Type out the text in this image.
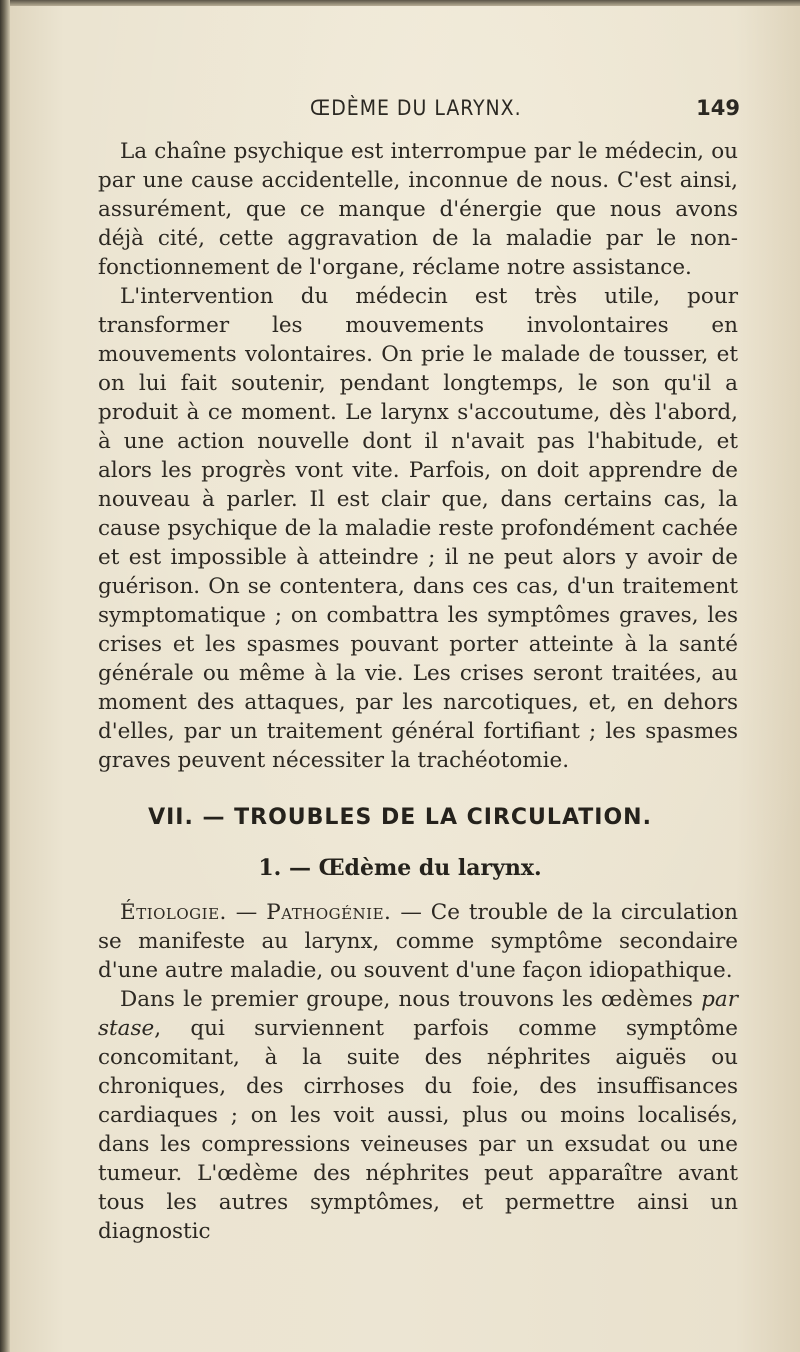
ŒDÈME DU LARYNX.	149

La chaîne psychique est interrompue par le médecin, ou par une cause accidentelle, inconnue de nous. C'est ainsi, assurément, que ce manque d'énergie que nous avons déjà cité, cette aggravation de la maladie par le non-fonctionnement de l'organe, réclame notre assistance.

L'intervention du médecin est très utile, pour transformer les mouvements involontaires en mouvements volontaires. On prie le malade de tousser, et on lui fait soutenir, pendant longtemps, le son qu'il a produit à ce moment. Le larynx s'accoutume, dès l'abord, à une action nouvelle dont il n'avait pas l'habitude, et alors les progrès vont vite. Parfois, on doit apprendre de nouveau à parler. Il est clair que, dans certains cas, la cause psychique de la maladie reste profondément cachée et est impossible à atteindre ; il ne peut alors y avoir de guérison. On se contentera, dans ces cas, d'un traitement symptomatique ; on combattra les symptômes graves, les crises et les spasmes pouvant porter atteinte à la santé générale ou même à la vie. Les crises seront traitées, au moment des attaques, par les narcotiques, et, en dehors d'elles, par un traitement général fortifiant ; les spasmes graves peuvent nécessiter la trachéotomie.

VII. — TROUBLES DE LA CIRCULATION.
1. — Œdème du larynx.

Étiologie. — Pathogénie. — Ce trouble de la circulation se manifeste au larynx, comme symptôme secondaire d'une autre maladie, ou souvent d'une façon idiopathique.

Dans le premier groupe, nous trouvons les œdèmes par stase, qui surviennent parfois comme symptôme concomitant, à la suite des néphrites aiguës ou chroniques, des cirrhoses du foie, des insuffisances cardiaques ; on les voit aussi, plus ou moins localisés, dans les compressions veineuses par un exsudat ou une tumeur. L'œdème des néphrites peut apparaître avant tous les autres symptômes, et permettre ainsi un diagnostic
